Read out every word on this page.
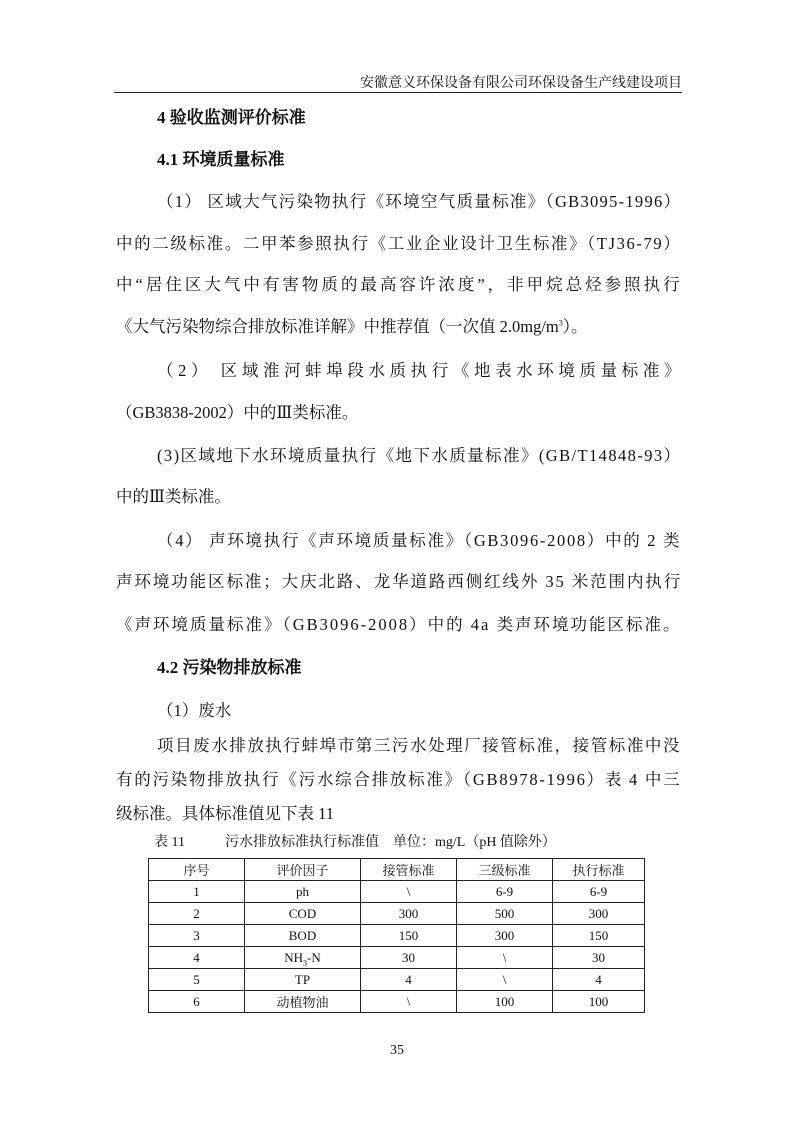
安徽意义环保设备有限公司环保设备生产线建设项目
4 验收监测评价标准
4.1 环境质量标准
（1） 区域大气污染物执行《环境空气质量标准》（GB3095-1996）
中的二级标准。二甲苯参照执行《工业企业设计卫生标准》（TJ36-79）
中“居住区大气中有害物质的最高容许浓度”，非甲烷总烃参照执行
《大气污染物综合排放标准详解》中推荐值（一次值 $2.0mg/m^3$）。
（2） 区域淮河蚌埠段水质执行《地表水环境质量标准》
（GB3838-2002）中的Ⅲ类标准。
(3)区域地下水环境质量执行《地下水质量标准》(GB/T14848-93）
中的Ⅲ类标准。
（4） 声环境执行《声环境质量标准》（GB3096-2008）中的 2 类
声环境功能区标准；大庆北路、龙华道路西侧红线外 35 米范围内执行
《声环境质量标准》（GB3096-2008）中的 4a 类声环境功能区标准。
4.2 污染物排放标准
（1）废水
项目废水排放执行蚌埠市第三污水处理厂接管标准，接管标准中没
有的污染物排放执行《污水综合排放标准》（GB8978-1996）表 4 中三
级标准。具体标准值见下表 11
表 11	污水排放标准执行标准值 单位：mg/L（pH 值除外）
序号	评价因子	接管标准	三级标准	执行标准
1	ph	\	6-9	6-9
2	COD	300	500	300
3	BOD	150	300	150
4	$NH_3-N$	30	\	30
5	TP	4	\	4
6	动植物油	\	100	100
35
